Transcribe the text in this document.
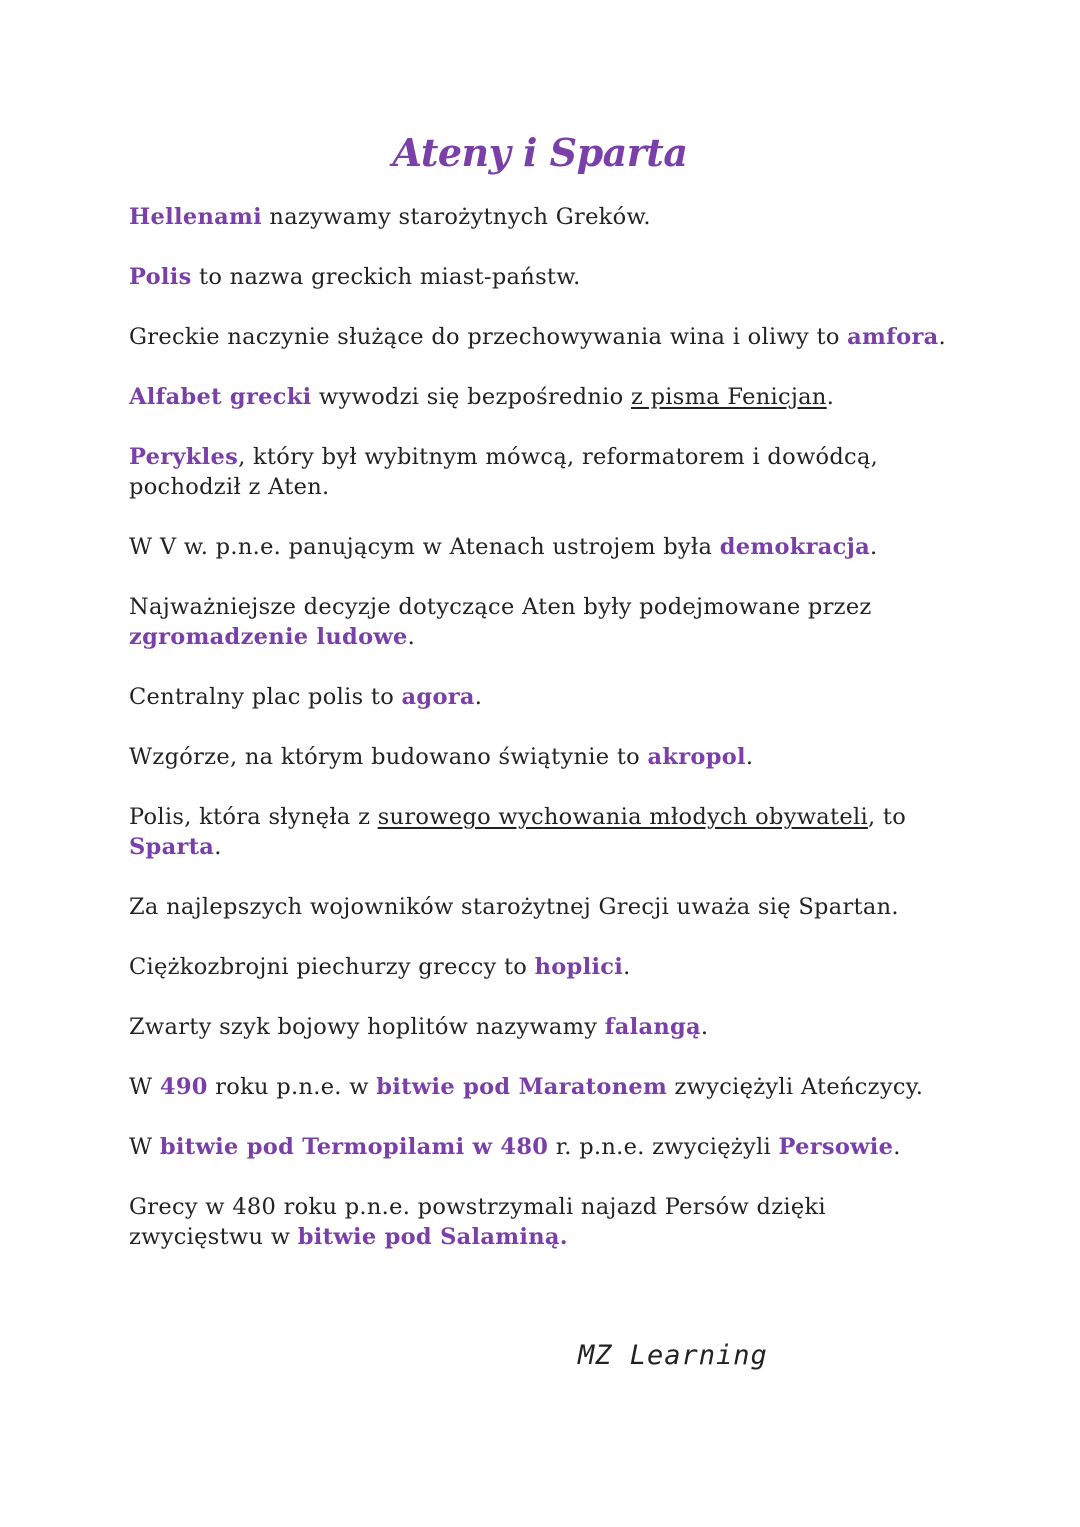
Ateny i Sparta

Hellenami nazywamy starożytnych Greków.

Polis to nazwa greckich miast-państw.

Greckie naczynie służące do przechowywania wina i oliwy to amfora.

Alfabet grecki wywodzi się bezpośrednio z pisma Fenicjan.

Perykles, który był wybitnym mówcą, reformatorem i dowódcą, pochodził z Aten.

W V w. p.n.e. panującym w Atenach ustrojem była demokracja.

Najważniejsze decyzje dotyczące Aten były podejmowane przez zgromadzenie ludowe.

Centralny plac polis to agora.

Wzgórze, na którym budowano świątynie to akropol.

Polis, która słynęła z surowego wychowania młodych obywateli, to Sparta.

Za najlepszych wojowników starożytnej Grecji uważa się Spartan.

Ciężkozbrojni piechurzy greccy to hoplici.

Zwarty szyk bojowy hoplitów nazywamy falangą.

W 490 roku p.n.e. w bitwie pod Maratonem zwyciężyli Ateńczycy.

W bitwie pod Termopilami w 480 r. p.n.e. zwyciężyli Persowie.

Grecy w 480 roku p.n.e. powstrzymali najazd Persów dzięki zwycięstwu w bitwie pod Salaminą.

MZ Learning
